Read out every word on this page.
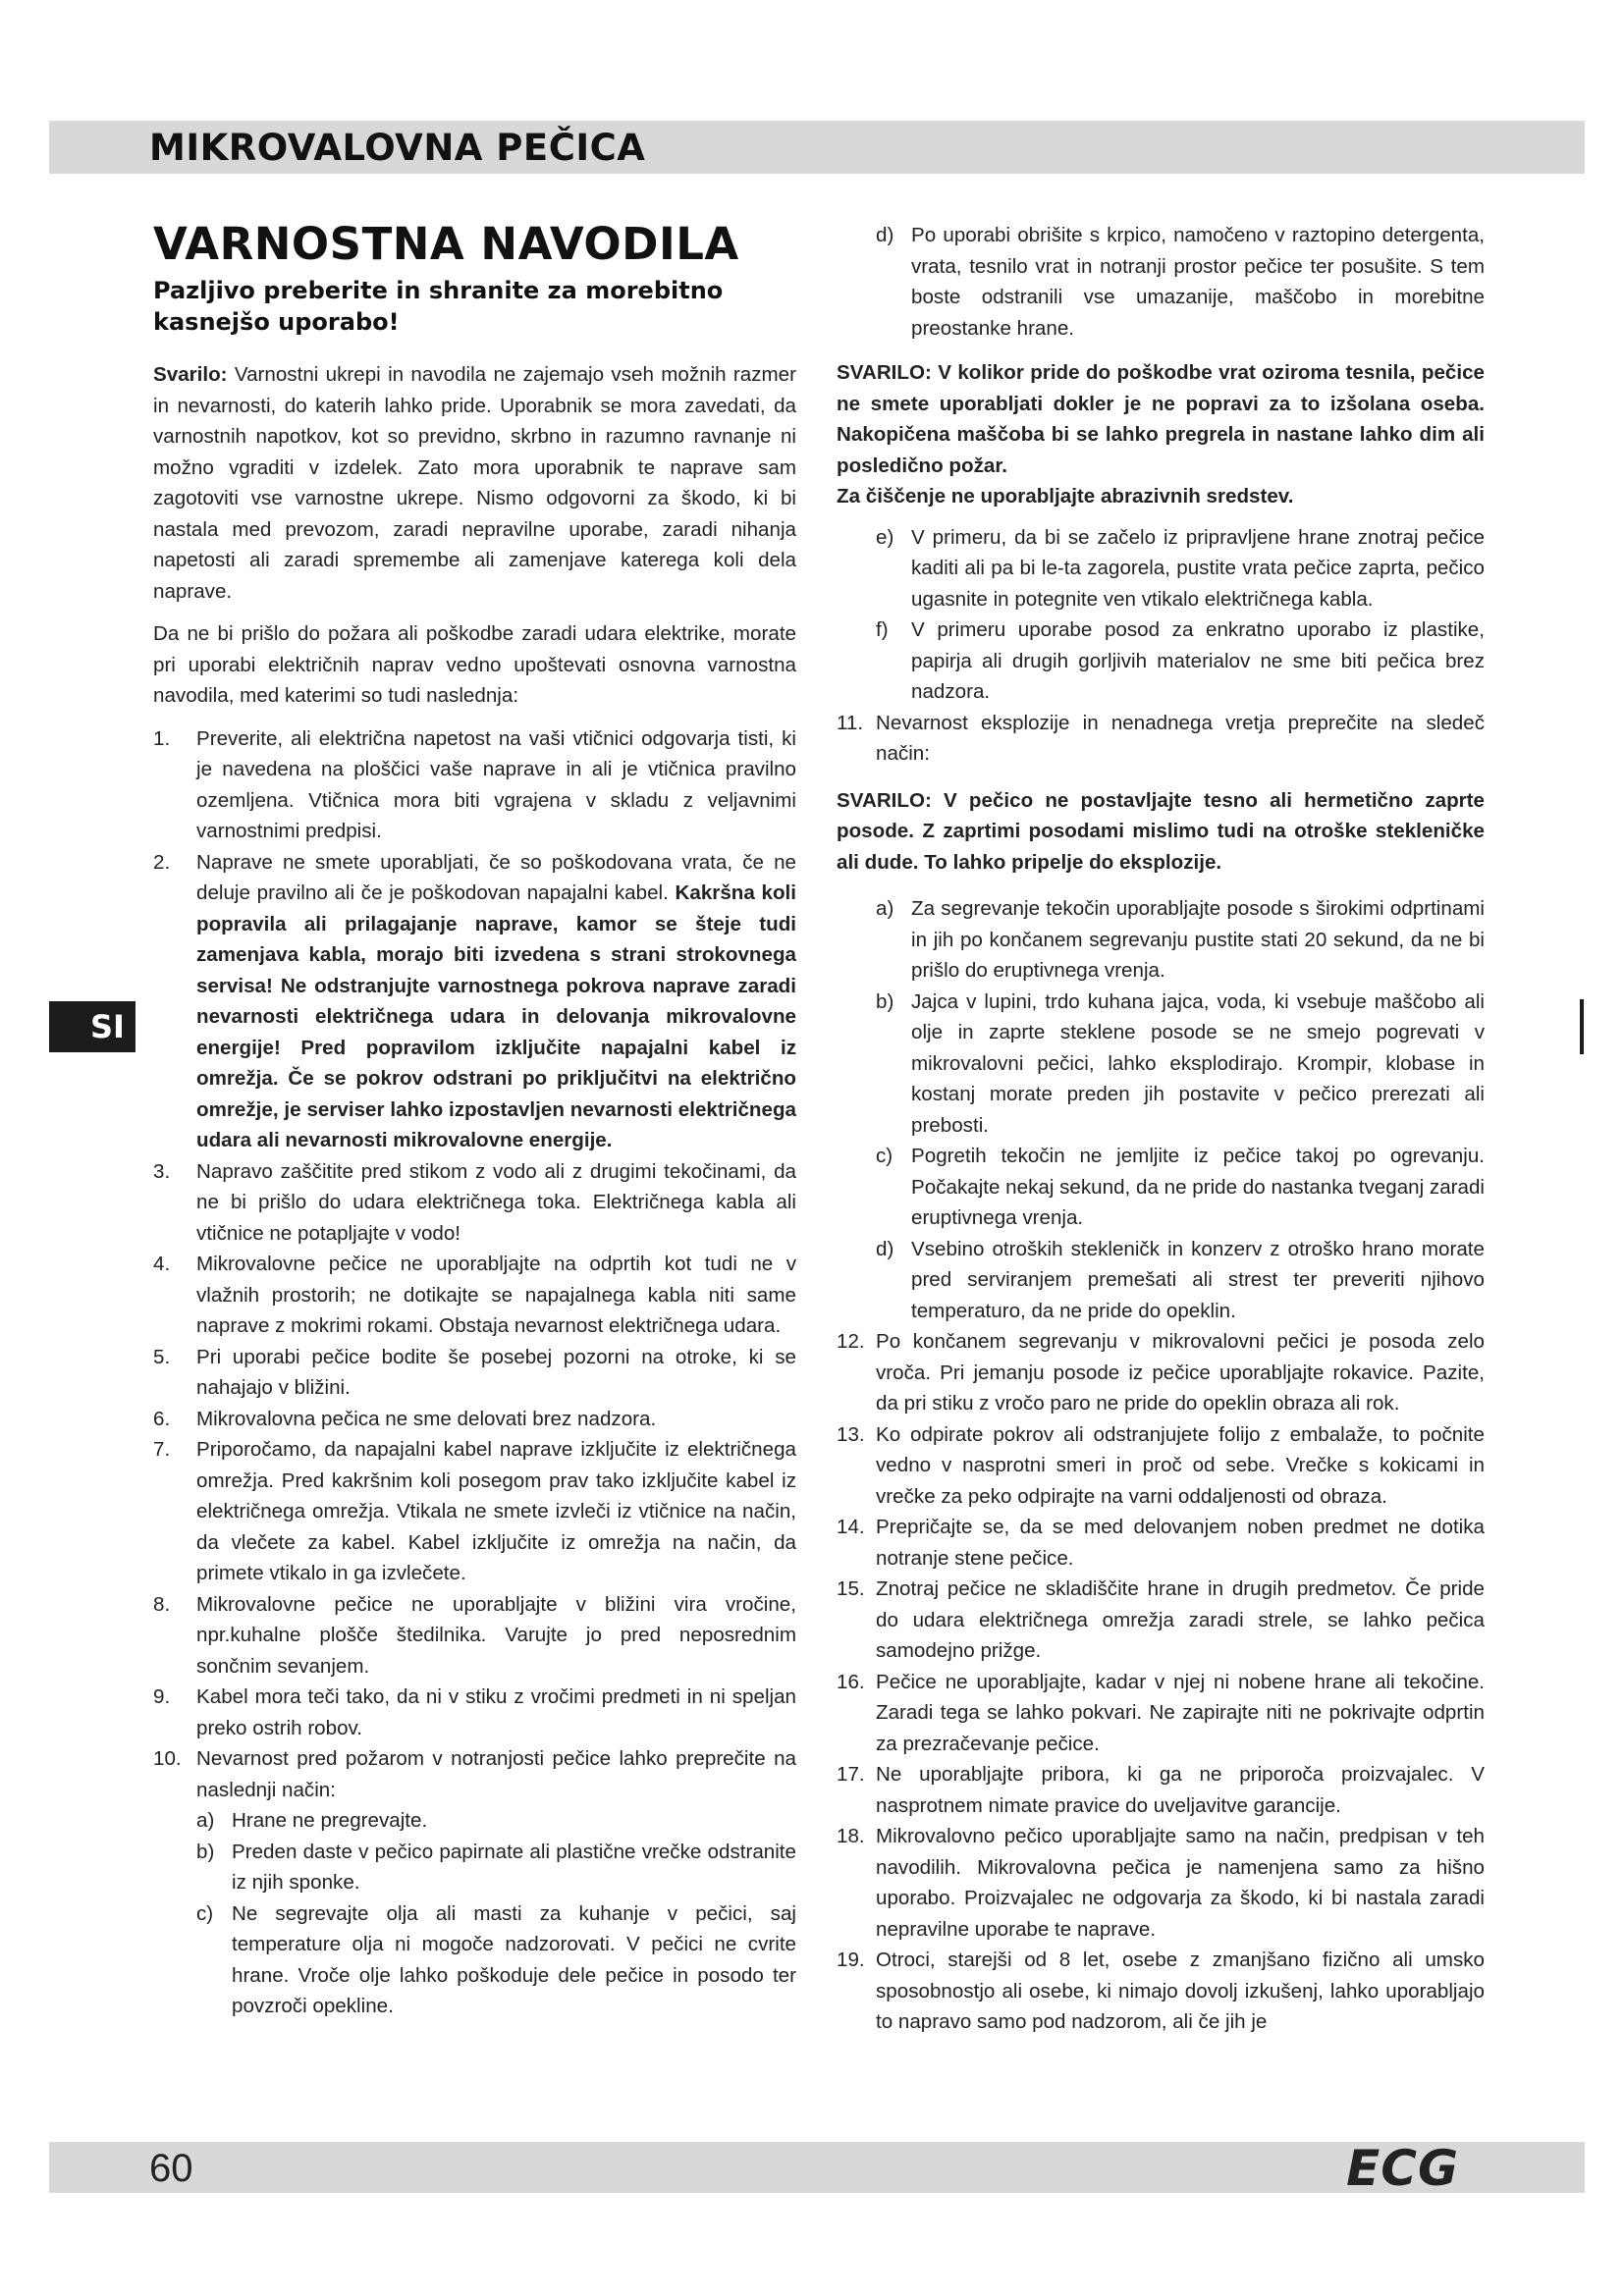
MIKROVALOVNA PEČICA
SI
VARNOSTNA NAVODILA
Pazljivo preberite in shranite za morebitno kasnejšo uporabo!

Svarilo: Varnostni ukrepi in navodila ne zajemajo vseh možnih razmer in nevarnosti, do katerih lahko pride. Uporabnik se mora zavedati, da varnostnih napotkov, kot so previdno, skrbno in razumno ravnanje ni možno vgraditi v izdelek. Zato mora uporabnik te naprave sam zagotoviti vse varnostne ukrepe. Nismo odgovorni za škodo, ki bi nastala med prevozom, zaradi nepravilne uporabe, zaradi nihanja napetosti ali zaradi spremembe ali zamenjave katerega koli dela naprave.

Da ne bi prišlo do požara ali poškodbe zaradi udara elektrike, morate pri uporabi električnih naprav vedno upoštevati osnovna varnostna navodila, med katerimi so tudi naslednja:

1. Preverite, ali električna napetost na vaši vtičnici odgovarja tisti, ki je navedena na ploščici vaše naprave in ali je vtičnica pravilno ozemljena. Vtičnica mora biti vgrajena v skladu z veljavnimi varnostnimi predpisi.
2. Naprave ne smete uporabljati, če so poškodovana vrata, če ne deluje pravilno ali če je poškodovan napajalni kabel. Kakršna koli popravila ali prilagajanje naprave, kamor se šteje tudi zamenjava kabla, morajo biti izvedena s strani strokovnega servisa! Ne odstranjujte varnostnega pokrova naprave zaradi nevarnosti električnega udara in delovanja mikrovalovne energije! Pred popravilom izključite napajalni kabel iz omrežja. Če se pokrov odstrani po priključitvi na električno omrežje, je serviser lahko izpostavljen nevarnosti električnega udara ali nevarnosti mikrovalovne energije.
3. Napravo zaščitite pred stikom z vodo ali z drugimi tekočinami, da ne bi prišlo do udara električnega toka. Električnega kabla ali vtičnice ne potapljajte v vodo!
4. Mikrovalovne pečice ne uporabljajte na odprtih kot tudi ne v vlažnih prostorih; ne dotikajte se napajalnega kabla niti same naprave z mokrimi rokami. Obstaja nevarnost električnega udara.
5. Pri uporabi pečice bodite še posebej pozorni na otroke, ki se nahajajo v bližini.
6. Mikrovalovna pečica ne sme delovati brez nadzora.
7. Priporočamo, da napajalni kabel naprave izključite iz električnega omrežja. Pred kakršnim koli posegom prav tako izključite kabel iz električnega omrežja. Vtikala ne smete izvleči iz vtičnice na način, da vlečete za kabel. Kabel izključite iz omrežja na način, da primete vtikalo in ga izvlečete.
8. Mikrovalovne pečice ne uporabljajte v bližini vira vročine, npr.kuhalne plošče štedilnika. Varujte jo pred neposrednim sončnim sevanjem.
9. Kabel mora teči tako, da ni v stiku z vročimi predmeti in ni speljan preko ostrih robov.
10. Nevarnost pred požarom v notranjosti pečice lahko preprečite na naslednji način:
a) Hrane ne pregrevajte.
b) Preden daste v pečico papirnate ali plastične vrečke odstranite iz njih sponke.
c) Ne segrevajte olja ali masti za kuhanje v pečici, saj temperature olja ni mogoče nadzorovati. V pečici ne cvrite hrane. Vroče olje lahko poškoduje dele pečice in posodo ter povzroči opekline.
d) Po uporabi obrišite s krpico, namočeno v raztopino detergenta, vrata, tesnilo vrat in notranji prostor pečice ter posušite. S tem boste odstranili vse umazanije, maščobo in morebitne preostanke hrane.
SVARILO: V kolikor pride do poškodbe vrat oziroma tesnila, pečice ne smete uporabljati dokler je ne popravi za to izšolana oseba. Nakopičena maščoba bi se lahko pregrela in nastane lahko dim ali posledično požar.
Za čiščenje ne uporabljajte abrazivnih sredstev.
e) V primeru, da bi se začelo iz pripravljene hrane znotraj pečice kaditi ali pa bi le-ta zagorela, pustite vrata pečice zaprta, pečico ugasnite in potegnite ven vtikalo električnega kabla.
f) V primeru uporabe posod za enkratno uporabo iz plastike, papirja ali drugih gorljivih materialov ne sme biti pečica brez nadzora.
11. Nevarnost eksplozije in nenadnega vretja preprečite na sledeč način:
SVARILO: V pečico ne postavljajte tesno ali hermetično zaprte posode. Z zaprtimi posodami mislimo tudi na otroške stekleničke ali dude. To lahko pripelje do eksplozije.
a) Za segrevanje tekočin uporabljajte posode s širokimi odprtinami in jih po končanem segrevanju pustite stati 20 sekund, da ne bi prišlo do eruptivnega vrenja.
b) Jajca v lupini, trdo kuhana jajca, voda, ki vsebuje maščobo ali olje in zaprte steklene posode se ne smejo pogrevati v mikrovalovni pečici, lahko eksplodirajo. Krompir, klobase in kostanj morate preden jih postavite v pečico prerezati ali prebosti.
c) Pogretih tekočin ne jemljite iz pečice takoj po ogrevanju. Počakajte nekaj sekund, da ne pride do nastanka tveganj zaradi eruptivnega vrenja.
d) Vsebino otroških stekleničk in konzerv z otroško hrano morate pred serviranjem premešati ali strest ter preveriti njihovo temperaturo, da ne pride do opeklin.
12. Po končanem segrevanju v mikrovalovni pečici je posoda zelo vroča. Pri jemanju posode iz pečice uporabljajte rokavice. Pazite, da pri stiku z vročo paro ne pride do opeklin obraza ali rok.
13. Ko odpirate pokrov ali odstranjujete folijo z embalaže, to počnite vedno v nasprotni smeri in proč od sebe. Vrečke s kokicami in vrečke za peko odpirajte na varni oddaljenosti od obraza.
14. Prepričajte se, da se med delovanjem noben predmet ne dotika notranje stene pečice.
15. Znotraj pečice ne skladiščite hrane in drugih predmetov. Če pride do udara električnega omrežja zaradi strele, se lahko pečica samodejno prižge.
16. Pečice ne uporabljajte, kadar v njej ni nobene hrane ali tekočine. Zaradi tega se lahko pokvari. Ne zapirajte niti ne pokrivajte odprtin za prezračevanje pečice.
17. Ne uporabljajte pribora, ki ga ne priporoča proizvajalec. V nasprotnem nimate pravice do uveljavitve garancije.
18. Mikrovalovno pečico uporabljajte samo na način, predpisan v teh navodilih. Mikrovalovna pečica je namenjena samo za hišno uporabo. Proizvajalec ne odgovarja za škodo, ki bi nastala zaradi nepravilne uporabe te naprave.
19. Otroci, starejši od 8 let, osebe z zmanjšano fizično ali umsko sposobnostjo ali osebe, ki nimajo dovolj izkušenj, lahko uporabljajo to napravo samo pod nadzorom, ali če jih je
60	ECG
